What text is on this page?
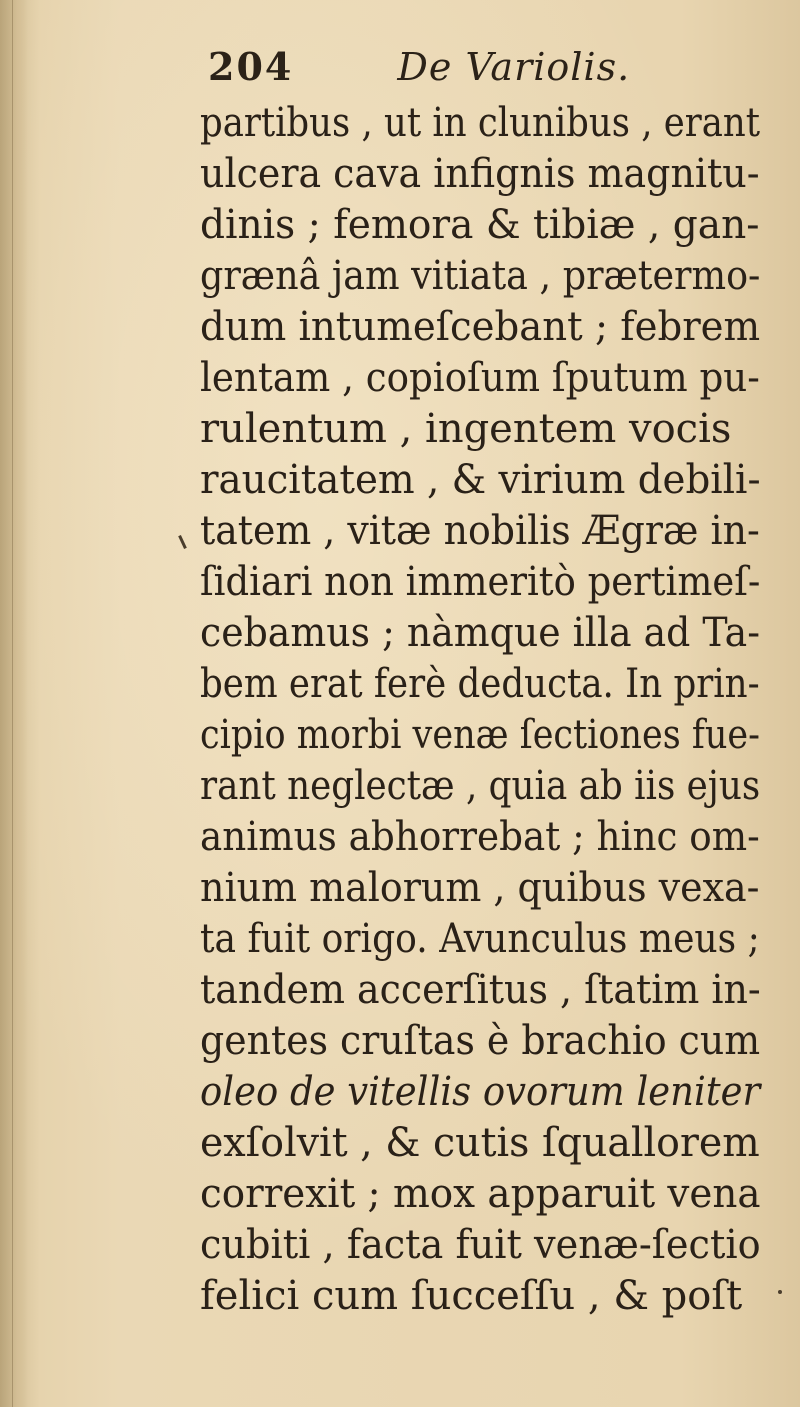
204	De Variolis.
partibus , ut in clunibus , erant
ulcera cava infignis magnitu-
dinis ; femora & tibiæ , gan-
grænâ jam vitiata , prætermo-
dum intumeſcebant ; febrem
lentam , copioſum ſputum pu-
rulentum , ingentem vocis
raucitatem , & virium debili-
tatem , vitæ nobilis Ægræ in-
ſidiari non immeritò pertimeſ-
cebamus ; nàmque illa ad Ta-
bem erat ferè deducta. In prin-
cipio morbi venæ ſectiones fue-
rant neglectæ , quia ab iis ejus
animus abhorrebat ; hinc om-
nium malorum , quibus vexa-
ta fuit origo. Avunculus meus ;
tandem accerſitus , ſtatim in-
gentes cruſtas è brachio cum
oleo de vitellis ovorum leniter
exſolvit , & cutis ſquallorem
correxit ; mox apparuit vena
cubiti , facta fuit venæ-ſectio
felici cum ſucceſſu , & poſt
